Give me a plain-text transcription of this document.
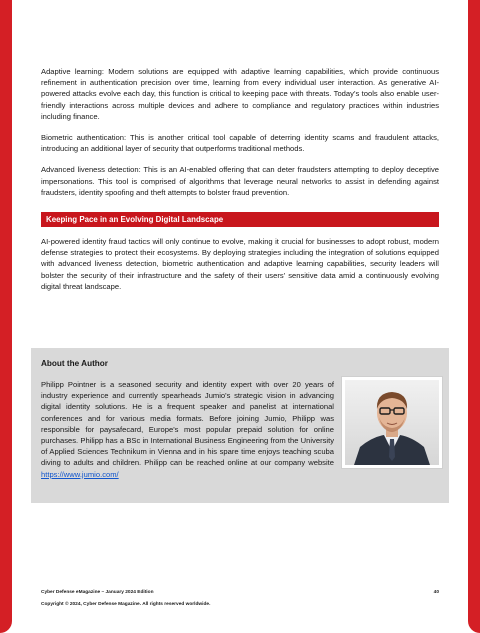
Adaptive learning: Modern solutions are equipped with adaptive learning capabilities, which provide continuous refinement in authentication precision over time, learning from every individual user interaction. As generative AI-powered attacks evolve each day, this function is critical to keeping pace with threats. Today’s tools also enable user-friendly interactions across multiple devices and adhere to compliance and regulatory practices within industries including finance.

Biometric authentication: This is another critical tool capable of deterring identity scams and fraudulent attacks, introducing an additional layer of security that outperforms traditional methods.

Advanced liveness detection: This is an AI-enabled offering that can deter fraudsters attempting to deploy deceptive impersonations. This tool is comprised of algorithms that leverage neural networks to assist in defending against fraudsters, identity spoofing and theft attempts to bolster fraud prevention.

Keeping Pace in an Evolving Digital Landscape

AI-powered identity fraud tactics will only continue to evolve, making it crucial for businesses to adopt robust, modern defense strategies to protect their ecosystems. By deploying strategies including the integration of solutions equipped with advanced liveness detection, biometric authentication and adaptive learning capabilities, security leaders will bolster the security of their infrastructure and the safety of their users’ sensitive data amid a continuously evolving digital threat landscape.

About the Author

Philipp Pointner is a seasoned security and identity expert with over 20 years of industry experience and currently spearheads Jumio's strategic vision in advancing digital identity solutions. He is a frequent speaker and panelist at international conferences and for various media formats. Before joining Jumio, Philipp was responsible for paysafecard, Europe's most popular prepaid solution for online purchases. Philipp has a BSc in International Business Engineering from the University of Applied Sciences Technikum in Vienna and in his spare time enjoys teaching scuba diving to adults and children. Philipp can be reached online at our company website https://www.jumio.com/

Cyber Defense eMagazine – January 2024 Edition	40
Copyright © 2024, Cyber Defense Magazine. All rights reserved worldwide.
